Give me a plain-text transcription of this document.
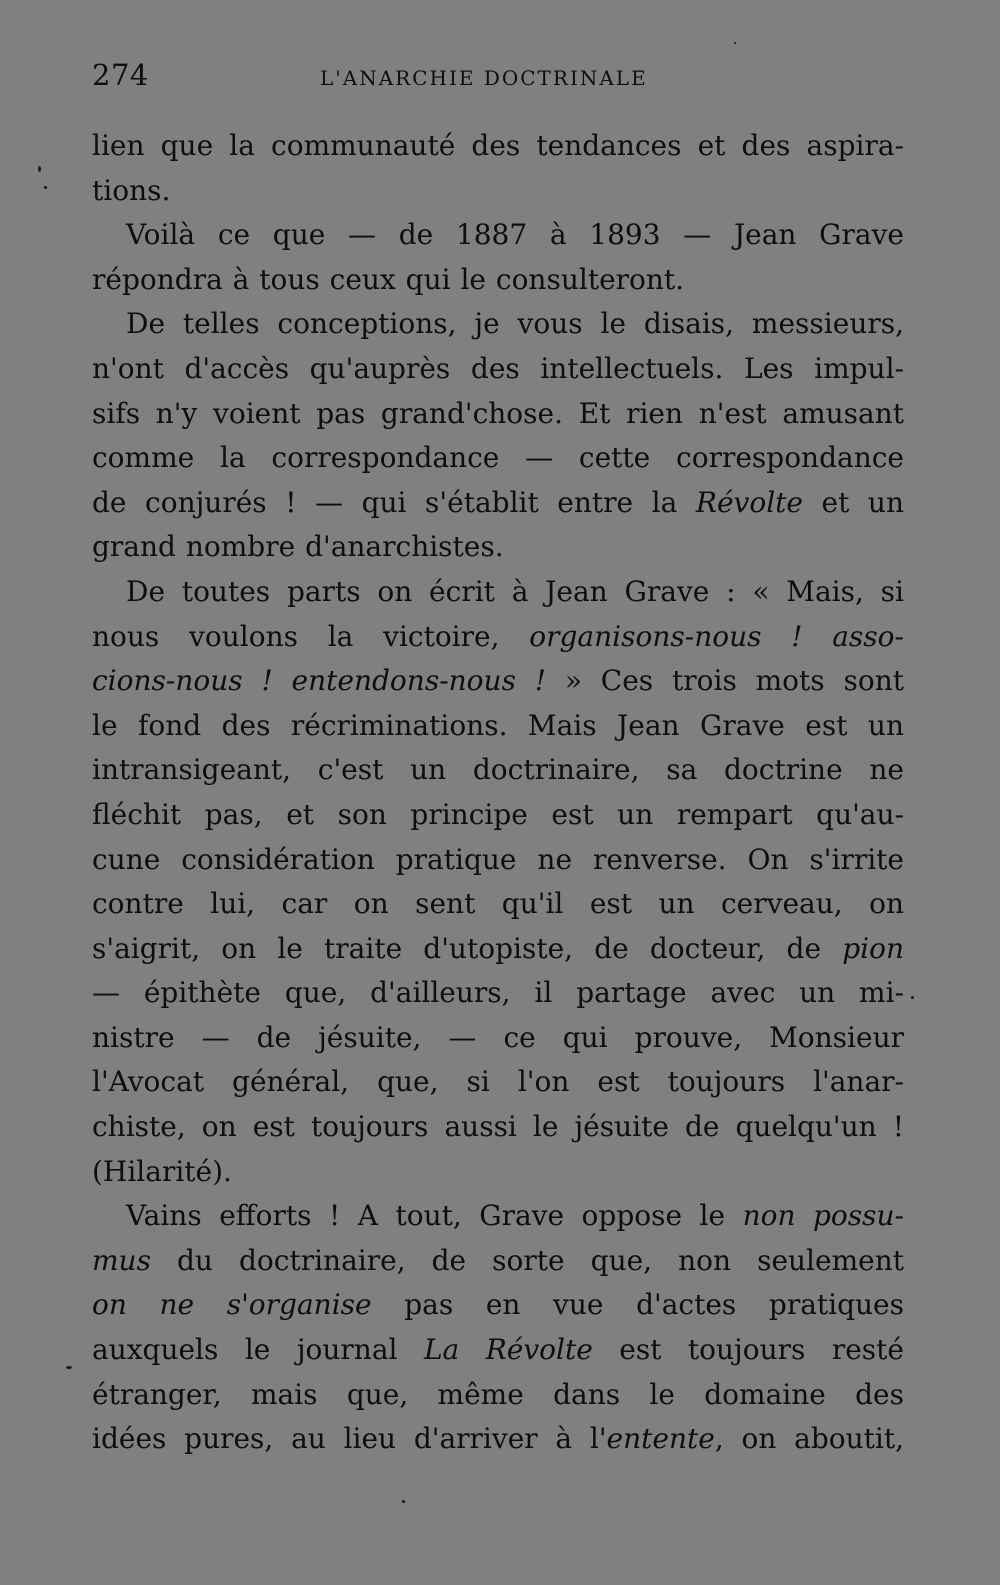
274	L'ANARCHIE DOCTRINALE
lien que la communauté des tendances et des aspira-
tions.
Voilà ce que — de 1887 à 1893 — Jean Grave
répondra à tous ceux qui le consulteront.
De telles conceptions, je vous le disais, messieurs,
n'ont d'accès qu'auprès des intellectuels. Les impul-
sifs n'y voient pas grand'chose. Et rien n'est amusant
comme la correspondance — cette correspondance
de conjurés ! — qui s'établit entre la Révolte et un
grand nombre d'anarchistes.
De toutes parts on écrit à Jean Grave : « Mais, si
nous voulons la victoire, organisons-nous ! asso-
cions-nous ! entendons-nous ! » Ces trois mots sont
le fond des récriminations. Mais Jean Grave est un
intransigeant, c'est un doctrinaire, sa doctrine ne
fléchit pas, et son principe est un rempart qu'au-
cune considération pratique ne renverse. On s'irrite
contre lui, car on sent qu'il est un cerveau, on
s'aigrit, on le traite d'utopiste, de docteur, de pion
— épithète que, d'ailleurs, il partage avec un mi-
nistre — de jésuite, — ce qui prouve, Monsieur
l'Avocat général, que, si l'on est toujours l'anar-
chiste, on est toujours aussi le jésuite de quelqu'un !
(Hilarité).
Vains efforts ! A tout, Grave oppose le non possu-
mus du doctrinaire, de sorte que, non seulement
on ne s'organise pas en vue d'actes pratiques
auxquels le journal La Révolte est toujours resté
étranger, mais que, même dans le domaine des
idées pures, au lieu d'arriver à l'entente, on aboutit,
